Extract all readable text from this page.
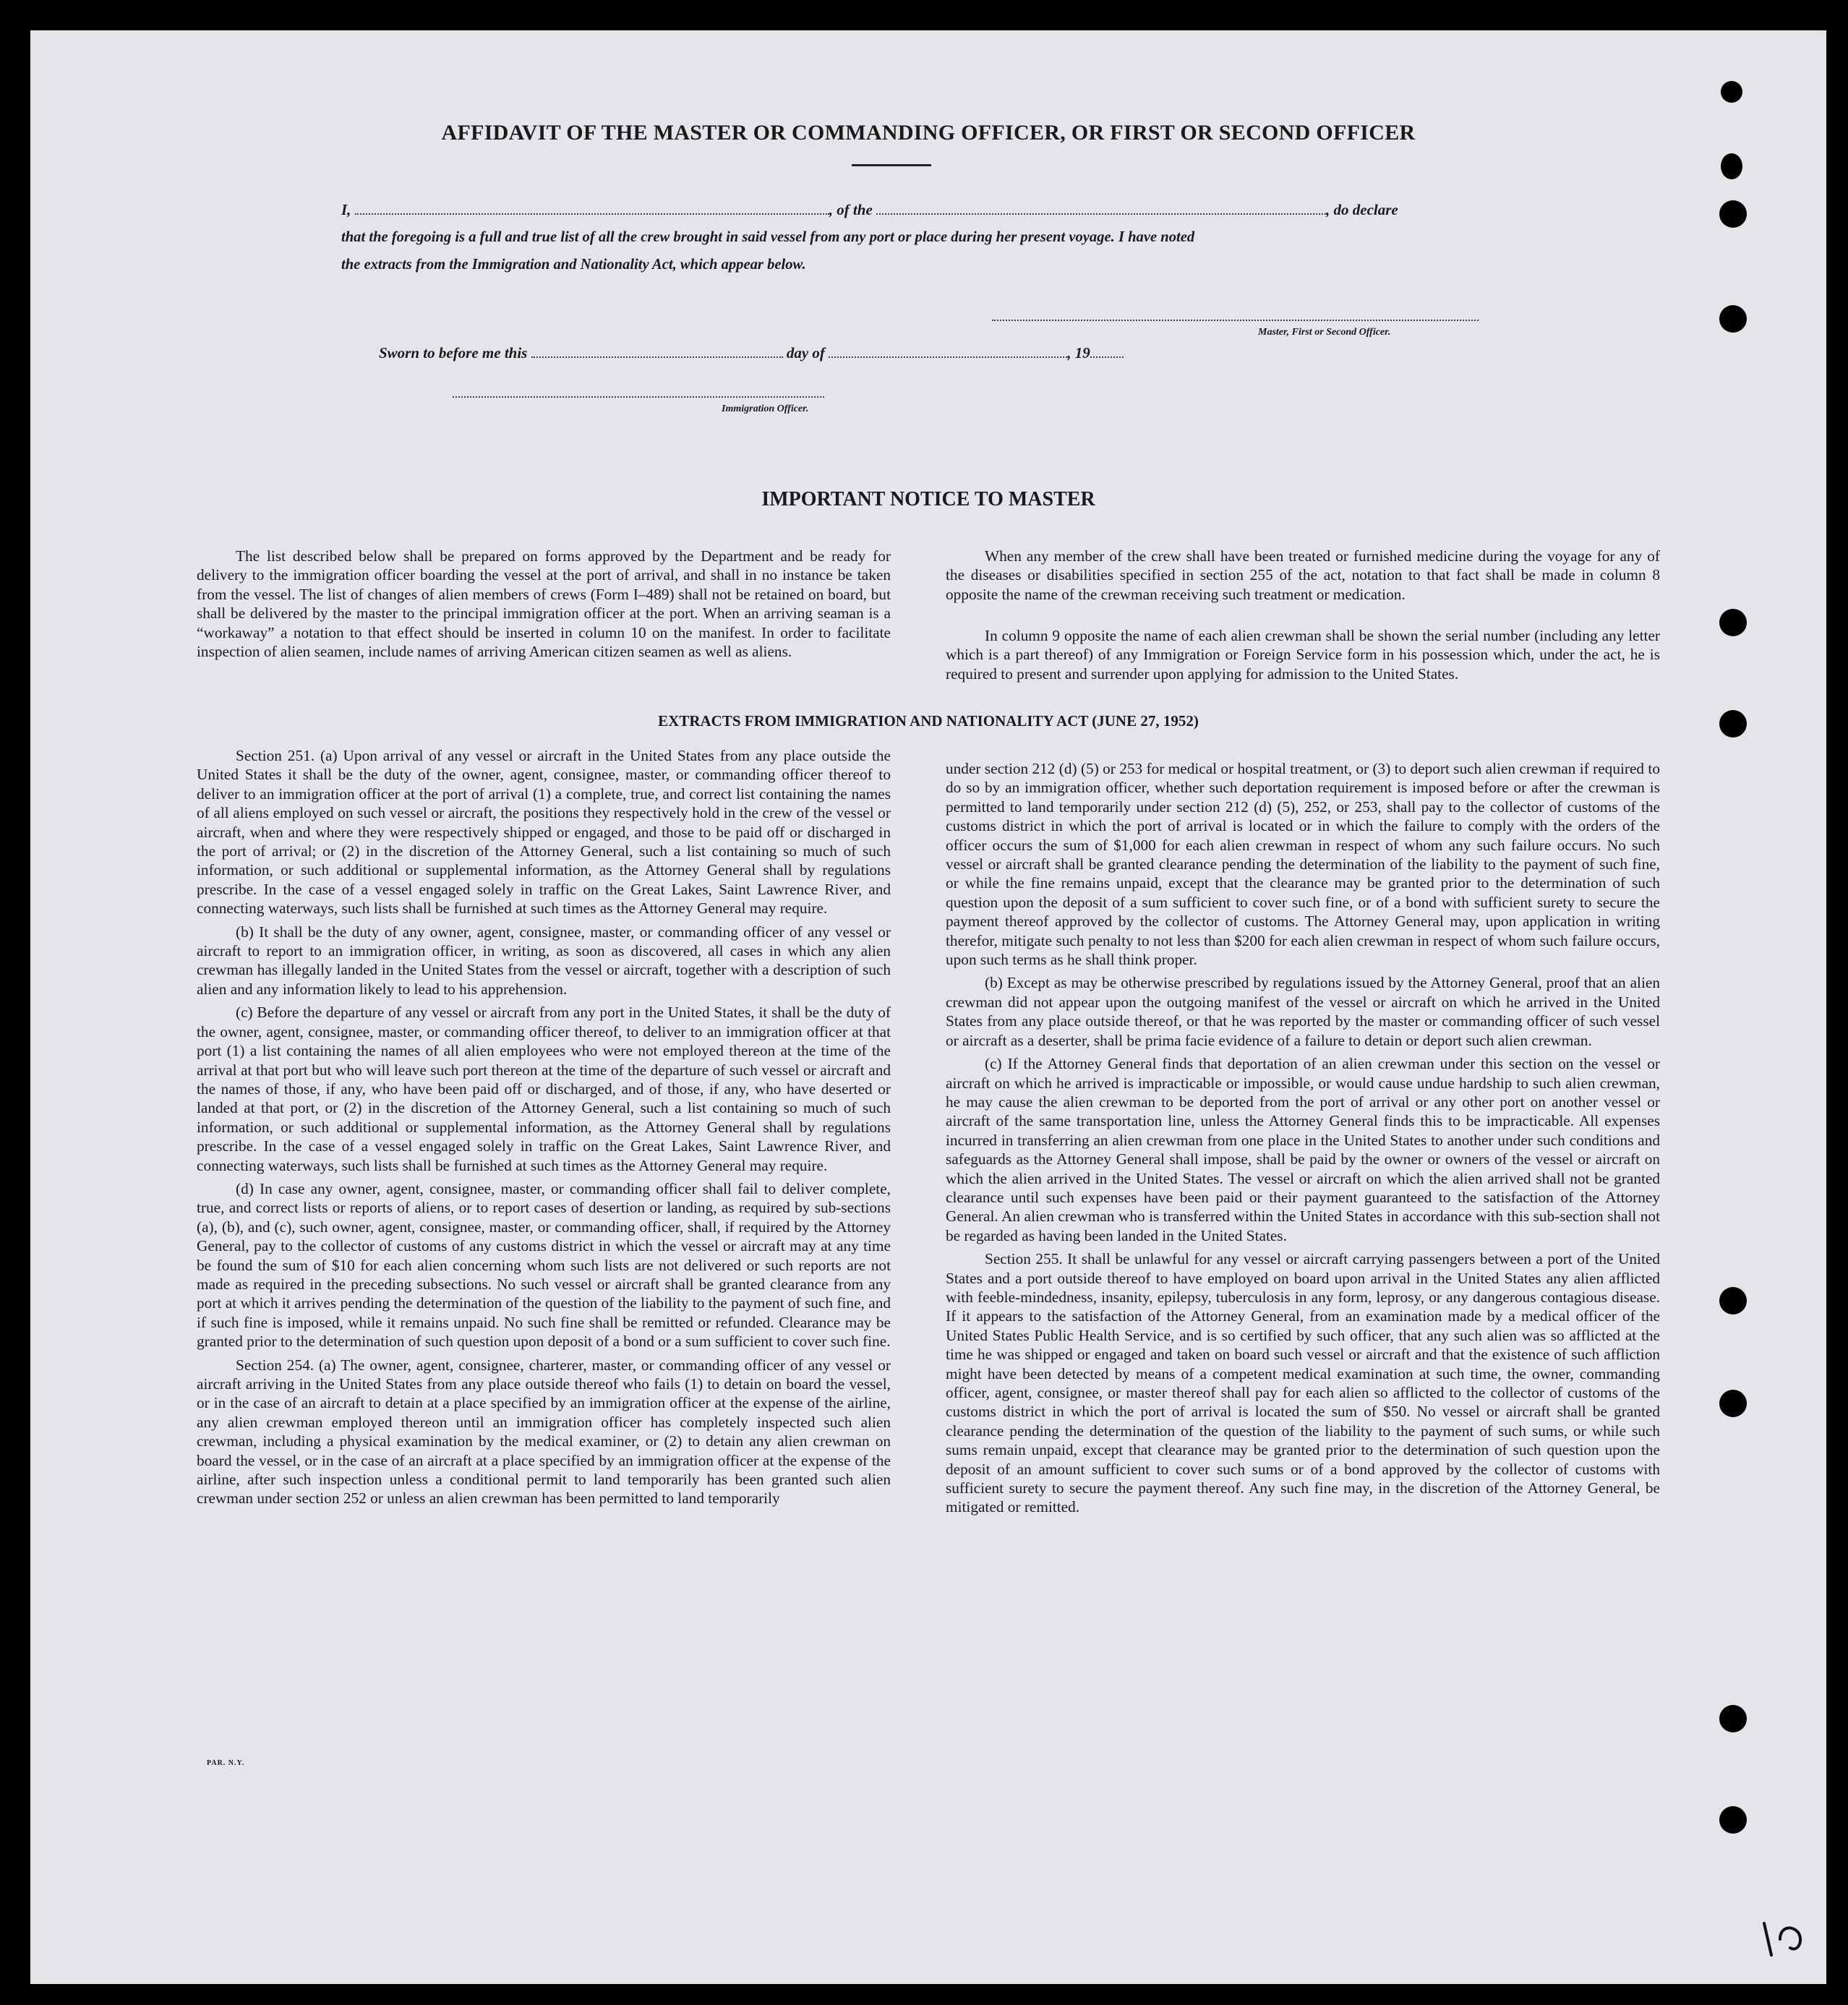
AFFIDAVIT OF THE MASTER OR COMMANDING OFFICER, OR FIRST OR SECOND OFFICER
I,	, of the	, do declare
that the foregoing is a full and true list of all the crew brought in said vessel from any port or place during her present voyage. I have noted
the extracts from the Immigration and Nationality Act, which appear below.
Master, First or Second Officer.
Sworn to before me this	day of	, 19
Immigration Officer.
IMPORTANT NOTICE TO MASTER
The list described below shall be prepared on forms approved by the Department and be ready for delivery to the immigration officer boarding the vessel at the port of arrival, and shall in no instance be taken from the vessel. The list of changes of alien members of crews (Form I–489) shall not be retained on board, but shall be delivered by the master to the principal immigration officer at the port. When an arriving seaman is a “workaway” a notation to that effect should be inserted in column 10 on the manifest. In order to facilitate inspection of alien seamen, include names of arriving American citizen seamen as well as aliens.
When any member of the crew shall have been treated or furnished medicine during the voyage for any of the diseases or disabilities specified in section 255 of the act, notation to that fact shall be made in column 8 opposite the name of the crewman receiving such treatment or medication.
In column 9 opposite the name of each alien crewman shall be shown the serial number (including any letter which is a part thereof) of any Immigration or Foreign Service form in his possession which, under the act, he is required to present and surrender upon applying for admission to the United States.
EXTRACTS FROM IMMIGRATION AND NATIONALITY ACT (JUNE 27, 1952)

Section 251. (a) Upon arrival of any vessel or aircraft in the United States from any place outside the United States it shall be the duty of the owner, agent, consignee, master, or commanding officer thereof to deliver to an immigration officer at the port of arrival (1) a complete, true, and correct list containing the names of all aliens employed on such vessel or aircraft, the positions they respectively hold in the crew of the vessel or aircraft, when and where they were respectively shipped or engaged, and those to be paid off or discharged in the port of arrival; or (2) in the discretion of the Attorney General, such a list containing so much of such information, or such additional or supplemental information, as the Attorney General shall by regulations prescribe. In the case of a vessel engaged solely in traffic on the Great Lakes, Saint Lawrence River, and connecting waterways, such lists shall be furnished at such times as the Attorney General may require.

(b) It shall be the duty of any owner, agent, consignee, master, or commanding officer of any vessel or aircraft to report to an immigration officer, in writing, as soon as discovered, all cases in which any alien crewman has illegally landed in the United States from the vessel or aircraft, together with a description of such alien and any information likely to lead to his apprehension.

(c) Before the departure of any vessel or aircraft from any port in the United States, it shall be the duty of the owner, agent, consignee, master, or commanding officer thereof, to deliver to an immigration officer at that port (1) a list containing the names of all alien employees who were not employed thereon at the time of the arrival at that port but who will leave such port thereon at the time of the departure of such vessel or aircraft and the names of those, if any, who have been paid off or discharged, and of those, if any, who have deserted or landed at that port, or (2) in the discretion of the Attorney General, such a list containing so much of such information, or such additional or supplemental information, as the Attorney General shall by regulations prescribe. In the case of a vessel engaged solely in traffic on the Great Lakes, Saint Lawrence River, and connecting waterways, such lists shall be furnished at such times as the Attorney General may require.

(d) In case any owner, agent, consignee, master, or commanding officer shall fail to deliver complete, true, and correct lists or reports of aliens, or to report cases of desertion or landing, as required by sub-sections (a), (b), and (c), such owner, agent, consignee, master, or commanding officer, shall, if required by the Attorney General, pay to the collector of customs of any customs district in which the vessel or aircraft may at any time be found the sum of $10 for each alien concerning whom such lists are not delivered or such reports are not made as required in the preceding subsections. No such vessel or aircraft shall be granted clearance from any port at which it arrives pending the determination of the question of the liability to the payment of such fine, and if such fine is imposed, while it remains unpaid. No such fine shall be remitted or refunded. Clearance may be granted prior to the determination of such question upon deposit of a bond or a sum sufficient to cover such fine.

Section 254. (a) The owner, agent, consignee, charterer, master, or commanding officer of any vessel or aircraft arriving in the United States from any place outside thereof who fails (1) to detain on board the vessel, or in the case of an aircraft to detain at a place specified by an immigration officer at the expense of the airline, any alien crewman employed thereon until an immigration officer has completely inspected such alien crewman, including a physical examination by the medical examiner, or (2) to detain any alien crewman on board the vessel, or in the case of an aircraft at a place specified by an immigration officer at the expense of the airline, after such inspection unless a conditional permit to land temporarily has been granted such alien crewman under section 252 or unless an alien crewman has been permitted to land temporarily

under section 212 (d) (5) or 253 for medical or hospital treatment, or (3) to deport such alien crewman if required to do so by an immigration officer, whether such deportation requirement is imposed before or after the crewman is permitted to land temporarily under section 212 (d) (5), 252, or 253, shall pay to the collector of customs of the customs district in which the port of arrival is located or in which the failure to comply with the orders of the officer occurs the sum of $1,000 for each alien crewman in respect of whom any such failure occurs. No such vessel or aircraft shall be granted clearance pending the determination of the liability to the payment of such fine, or while the fine remains unpaid, except that the clearance may be granted prior to the determination of such question upon the deposit of a sum sufficient to cover such fine, or of a bond with sufficient surety to secure the payment thereof approved by the collector of customs. The Attorney General may, upon application in writing therefor, mitigate such penalty to not less than $200 for each alien crewman in respect of whom such failure occurs, upon such terms as he shall think proper.

(b) Except as may be otherwise prescribed by regulations issued by the Attorney General, proof that an alien crewman did not appear upon the outgoing manifest of the vessel or aircraft on which he arrived in the United States from any place outside thereof, or that he was reported by the master or commanding officer of such vessel or aircraft as a deserter, shall be prima facie evidence of a failure to detain or deport such alien crewman.

(c) If the Attorney General finds that deportation of an alien crewman under this section on the vessel or aircraft on which he arrived is impracticable or impossible, or would cause undue hardship to such alien crewman, he may cause the alien crewman to be deported from the port of arrival or any other port on another vessel or aircraft of the same transportation line, unless the Attorney General finds this to be impracticable. All expenses incurred in transferring an alien crewman from one place in the United States to another under such conditions and safeguards as the Attorney General shall impose, shall be paid by the owner or owners of the vessel or aircraft on which the alien arrived in the United States. The vessel or aircraft on which the alien arrived shall not be granted clearance until such expenses have been paid or their payment guaranteed to the satisfaction of the Attorney General. An alien crewman who is transferred within the United States in accordance with this sub-section shall not be regarded as having been landed in the United States.

Section 255. It shall be unlawful for any vessel or aircraft carrying passengers between a port of the United States and a port outside thereof to have employed on board upon arrival in the United States any alien afflicted with feeble-mindedness, insanity, epilepsy, tuberculosis in any form, leprosy, or any dangerous contagious disease. If it appears to the satisfaction of the Attorney General, from an examination made by a medical officer of the United States Public Health Service, and is so certified by such officer, that any such alien was so afflicted at the time he was shipped or engaged and taken on board such vessel or aircraft and that the existence of such affliction might have been detected by means of a competent medical examination at such time, the owner, commanding officer, agent, consignee, or master thereof shall pay for each alien so afflicted to the collector of customs of the customs district in which the port of arrival is located the sum of $50. No vessel or aircraft shall be granted clearance pending the determination of the question of the liability to the payment of such sums, or while such sums remain unpaid, except that clearance may be granted prior to the determination of such question upon the deposit of an amount sufficient to cover such sums or of a bond approved by the collector of customs with sufficient surety to secure the payment thereof. Any such fine may, in the discretion of the Attorney General, be mitigated or remitted.

PAR. N.Y.
